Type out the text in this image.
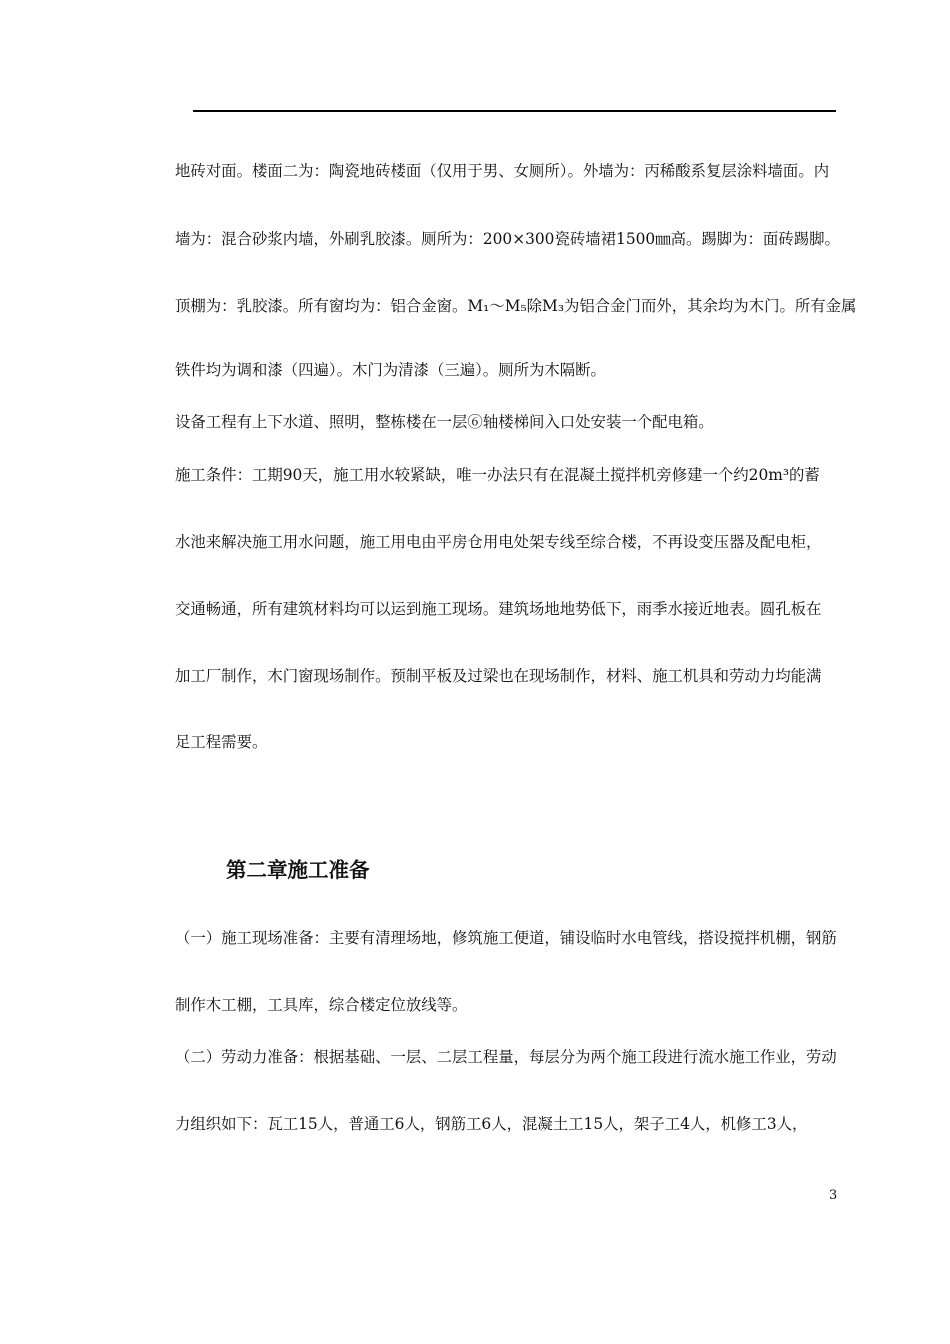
地砖对面。楼面二为：陶瓷地砖楼面（仅用于男、女厕所）。外墙为：丙稀酸系复层涂料墙面。内
墙为：混合砂浆内墙，外刷乳胶漆。厕所为：200×300瓷砖墙裙1500㎜高。踢脚为：面砖踢脚。
顶棚为：乳胶漆。所有窗均为：铝合金窗。M₁～M₅除M₃为铝合金门而外，其余均为木门。所有金属
铁件均为调和漆（四遍）。木门为清漆（三遍）。厕所为木隔断。
设备工程有上下水道、照明，整栋楼在一层⑥轴楼梯间入口处安装一个配电箱。
施工条件：工期90天，施工用水较紧缺，唯一办法只有在混凝土搅拌机旁修建一个约20m³的蓄
水池来解决施工用水问题，施工用电由平房仓用电处架专线至综合楼，不再设变压器及配电柜，
交通畅通，所有建筑材料均可以运到施工现场。建筑场地地势低下，雨季水接近地表。圆孔板在
加工厂制作，木门窗现场制作。预制平板及过梁也在现场制作，材料、施工机具和劳动力均能满
足工程需要。
第二章施工准备
（一）施工现场准备：主要有清理场地，修筑施工便道，铺设临时水电管线，搭设搅拌机棚，钢筋
制作木工棚，工具库，综合楼定位放线等。
（二）劳动力准备：根据基础、一层、二层工程量，每层分为两个施工段进行流水施工作业，劳动
力组织如下：瓦工15人，普通工6人，钢筋工6人，混凝土工15人，架子工4人，机修工3人，
3
